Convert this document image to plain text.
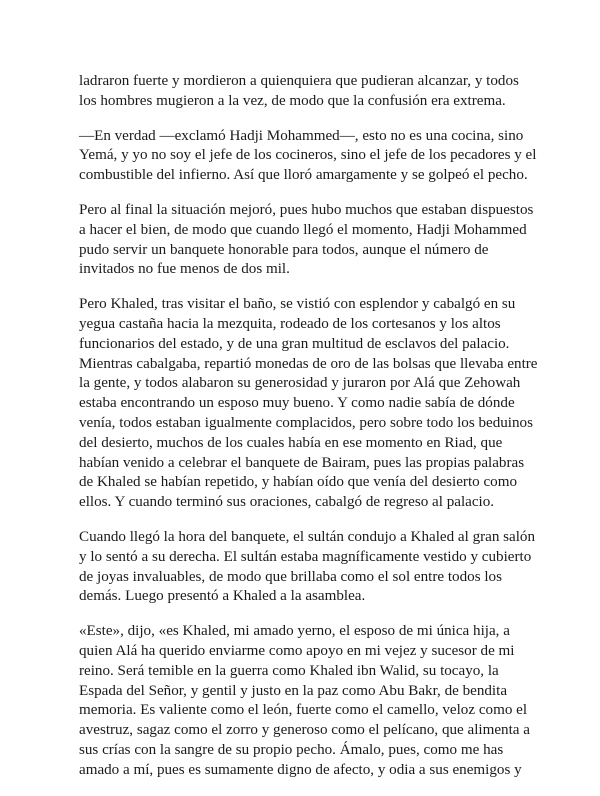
ladraron fuerte y mordieron a quienquiera que pudieran alcanzar, y todos
los hombres mugieron a la vez, de modo que la confusión era extrema.

—En verdad —exclamó Hadji Mohammed—, esto no es una cocina, sino
Yemá, y yo no soy el jefe de los cocineros, sino el jefe de los pecadores y el
combustible del infierno. Así que lloró amargamente y se golpeó el pecho.

Pero al final la situación mejoró, pues hubo muchos que estaban dispuestos
a hacer el bien, de modo que cuando llegó el momento, Hadji Mohammed
pudo servir un banquete honorable para todos, aunque el número de
invitados no fue menos de dos mil.

Pero Khaled, tras visitar el baño, se vistió con esplendor y cabalgó en su
yegua castaña hacia la mezquita, rodeado de los cortesanos y los altos
funcionarios del estado, y de una gran multitud de esclavos del palacio.
Mientras cabalgaba, repartió monedas de oro de las bolsas que llevaba entre
la gente, y todos alabaron su generosidad y juraron por Alá que Zehowah
estaba encontrando un esposo muy bueno. Y como nadie sabía de dónde
venía, todos estaban igualmente complacidos, pero sobre todo los beduinos
del desierto, muchos de los cuales había en ese momento en Riad, que
habían venido a celebrar el banquete de Bairam, pues las propias palabras
de Khaled se habían repetido, y habían oído que venía del desierto como
ellos. Y cuando terminó sus oraciones, cabalgó de regreso al palacio.

Cuando llegó la hora del banquete, el sultán condujo a Khaled al gran salón
y lo sentó a su derecha. El sultán estaba magníficamente vestido y cubierto
de joyas invaluables, de modo que brillaba como el sol entre todos los
demás. Luego presentó a Khaled a la asamblea.

«Este», dijo, «es Khaled, mi amado yerno, el esposo de mi única hija, a
quien Alá ha querido enviarme como apoyo en mi vejez y sucesor de mi
reino. Será temible en la guerra como Khaled ibn Walid, su tocayo, la
Espada del Señor, y gentil y justo en la paz como Abu Bakr, de bendita
memoria. Es valiente como el león, fuerte como el camello, veloz como el
avestruz, sagaz como el zorro y generoso como el pelícano, que alimenta a
sus crías con la sangre de su propio pecho. Ámalo, pues, como me has
amado a mí, pues es sumamente digno de afecto, y odia a sus enemigos y
